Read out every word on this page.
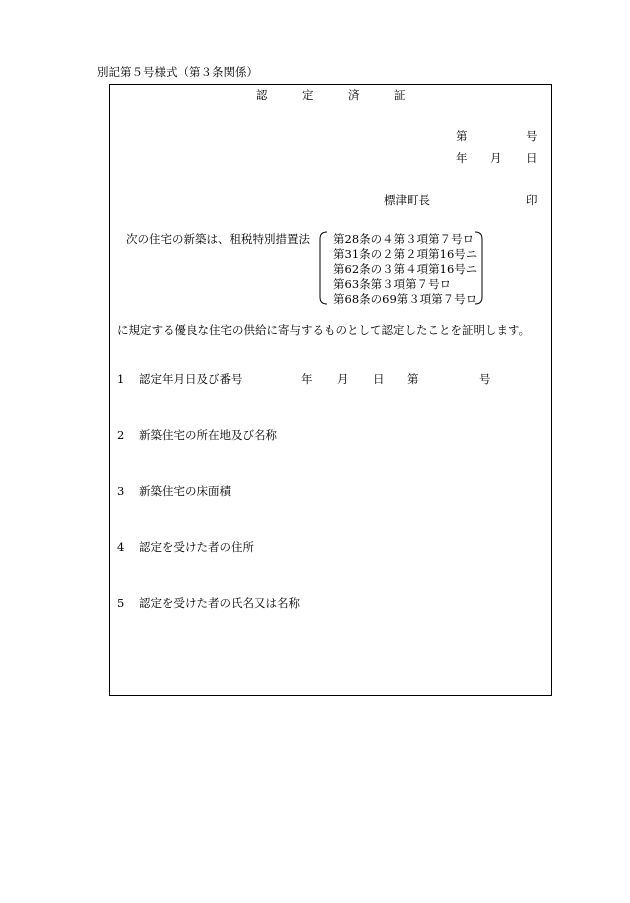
別記第５号様式（第３条関係）
認	定	済	証
第	号
年 月 日
標津町長	印
次の住宅の新築は、租税特別措置法 第28条の４第３項第７号ロ
第31条の２第２項第16号ニ
第62条の３第４項第16号ニ
第63条第３項第７号ロ
第68条の69第３項第７号ロ
に規定する優良な住宅の供給に寄与するものとして認定したことを証明します。
1 認定年月日及び番号	年 月 日 第	号
2 新築住宅の所在地及び名称
3 新築住宅の床面積
4 認定を受けた者の住所
5 認定を受けた者の氏名又は名称
